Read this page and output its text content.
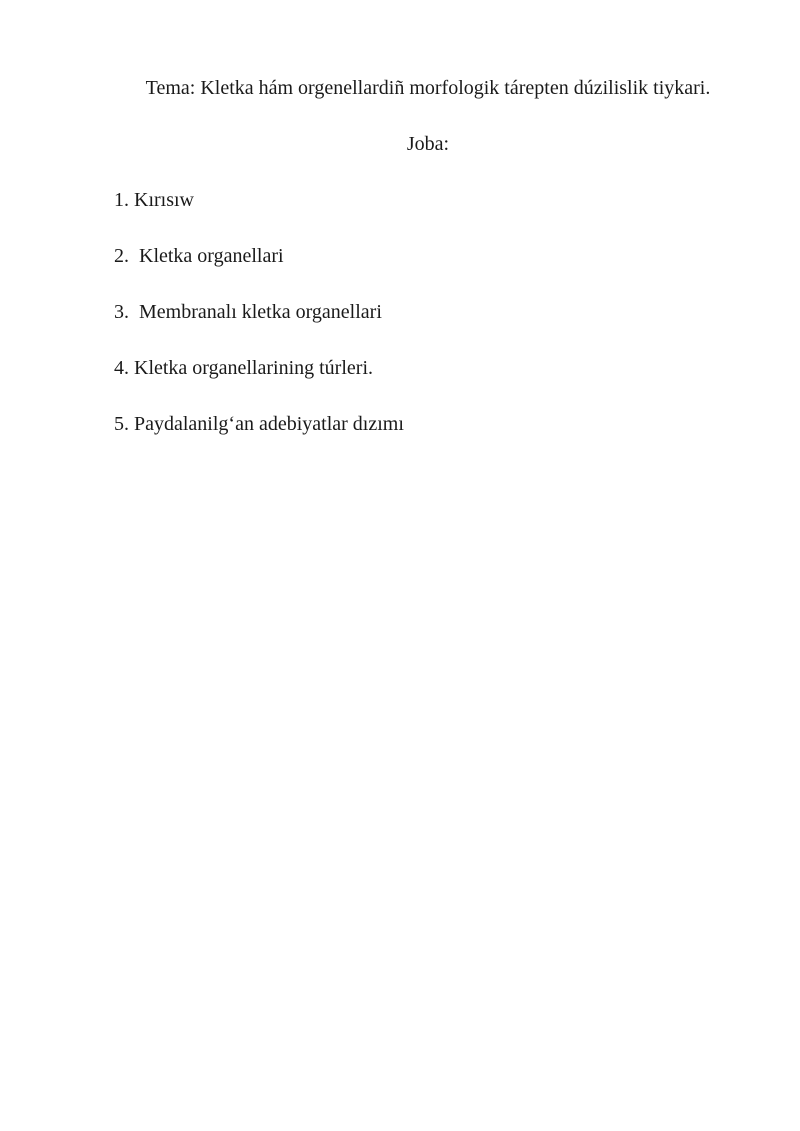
Tema: Kletka hám orgenellardiñ morfologik tárepten dúzilislik tiykari.
Joba:
1. Kırısıw
2.  Kletka organellari
3.  Membranalı kletka organellari
4. Kletka organellarining túrleri.
5. Paydalanilg‘an adebiyatlar dızımı
